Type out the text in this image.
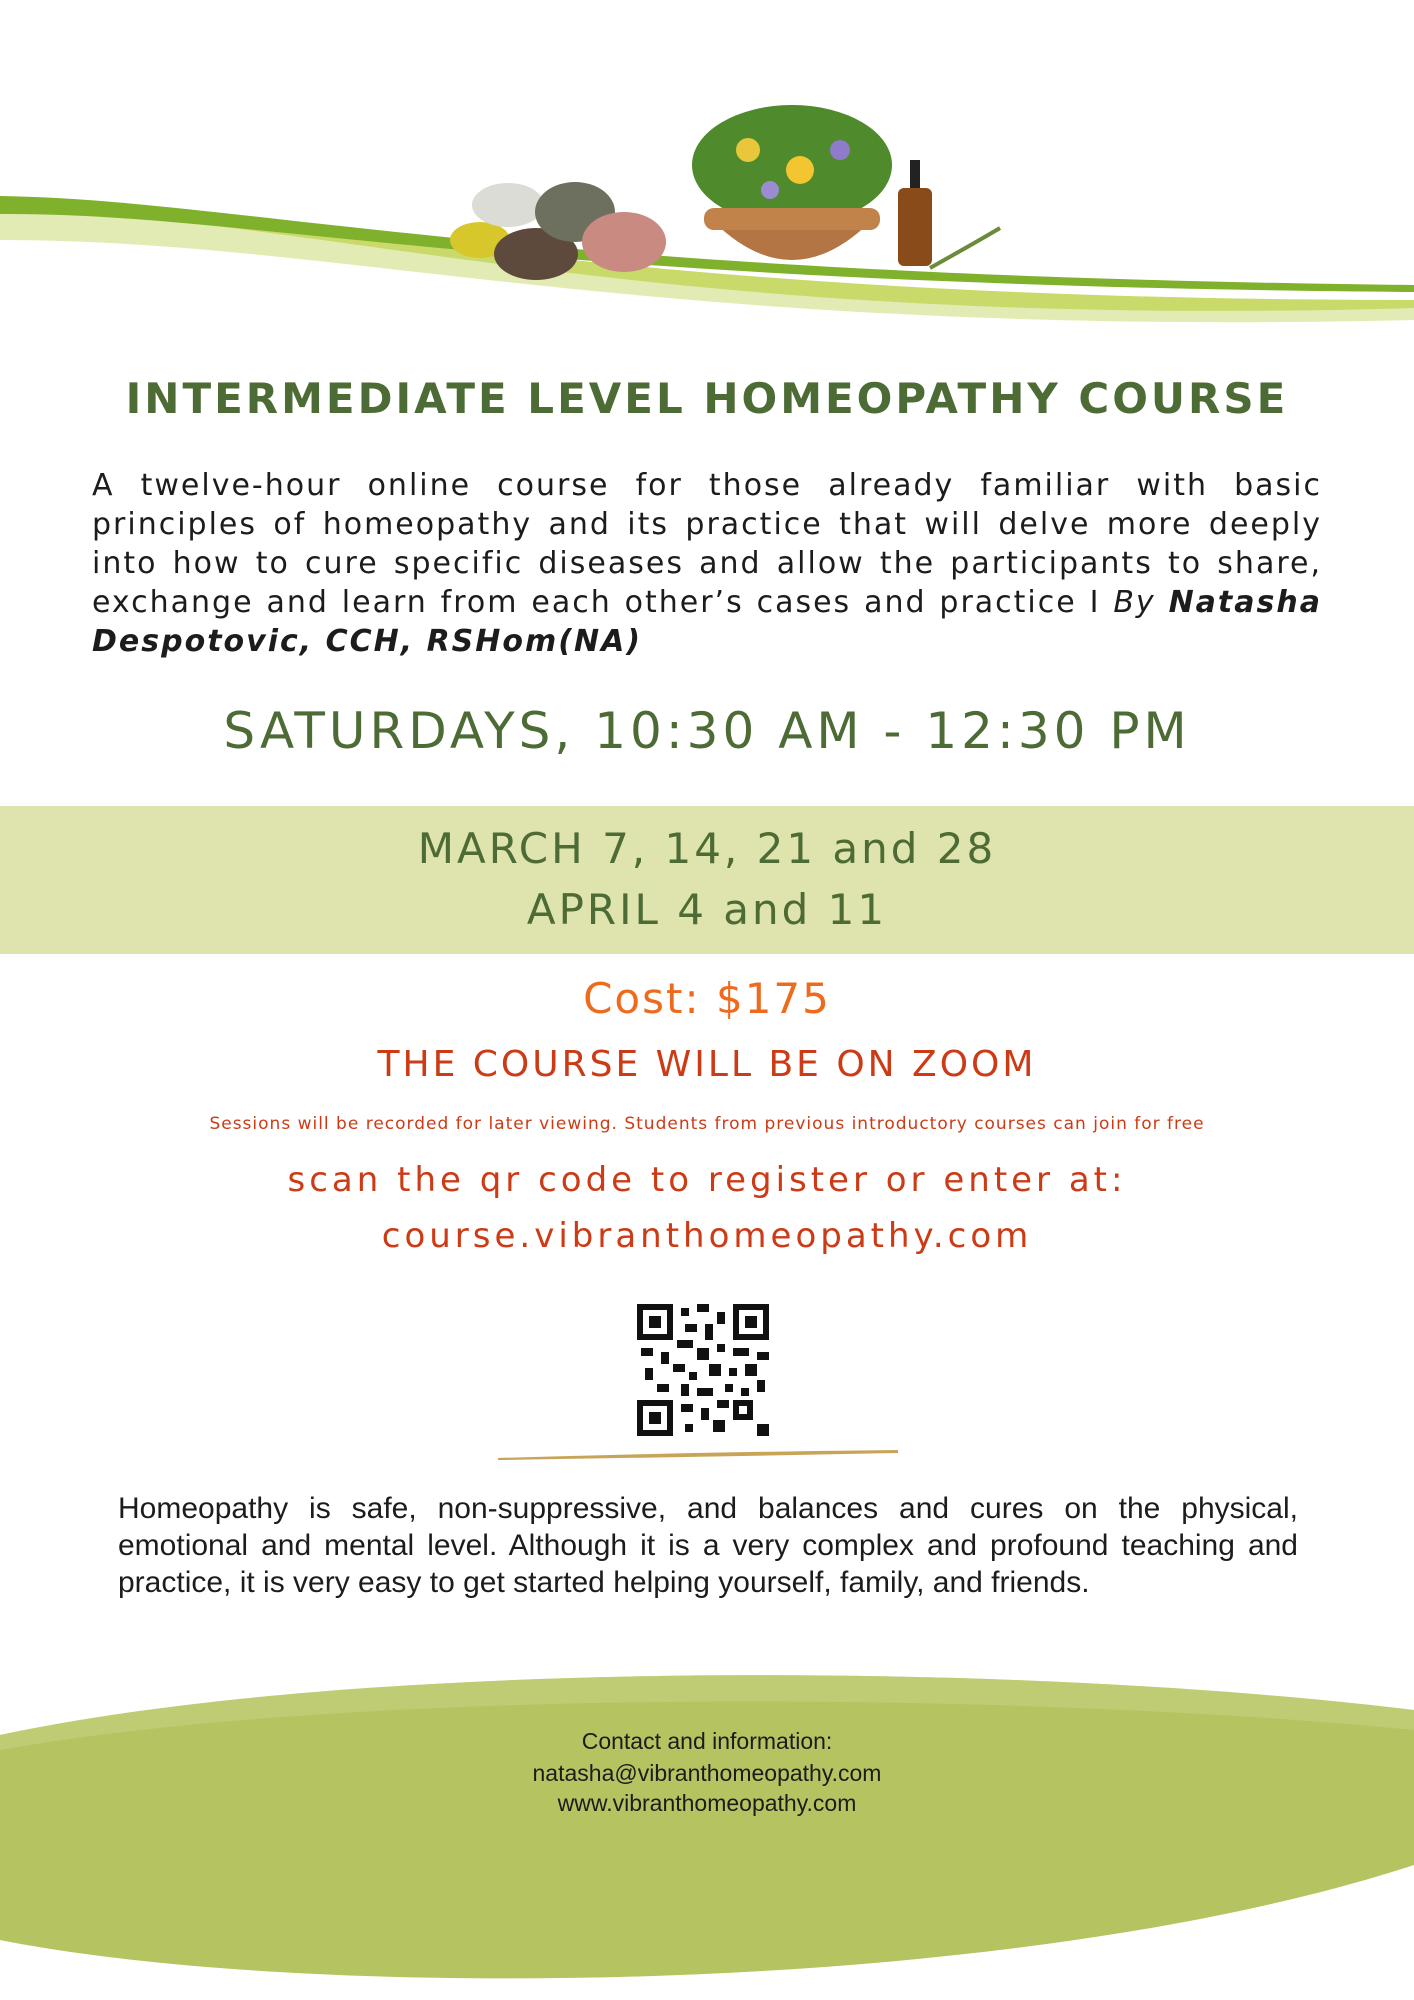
INTERMEDIATE LEVEL HOMEOPATHY COURSE
A twelve-hour online course for those already familiar with basic principles of homeopathy and its practice that will delve more deeply into how to cure specific diseases and allow the participants to share, exchange and learn from each other’s cases and practice I By Natasha Despotovic, CCH, RSHom(NA)
SATURDAYS, 10:30 AM - 12:30 PM
MARCH 7, 14, 21 and 28
APRIL 4 and 11
Cost: $175
THE COURSE WILL BE ON ZOOM
Sessions will be recorded for later viewing. Students from previous introductory courses can join for free
scan the qr code to register or enter at:
course.vibranthomeopathy.com
Homeopathy is safe, non-suppressive, and balances and cures on the physical, emotional and mental level. Although it is a very complex and profound teaching and practice, it is very easy to get started helping yourself, family, and friends.
Contact and information:
natasha@vibranthomeopathy.com
www.vibranthomeopathy.com
